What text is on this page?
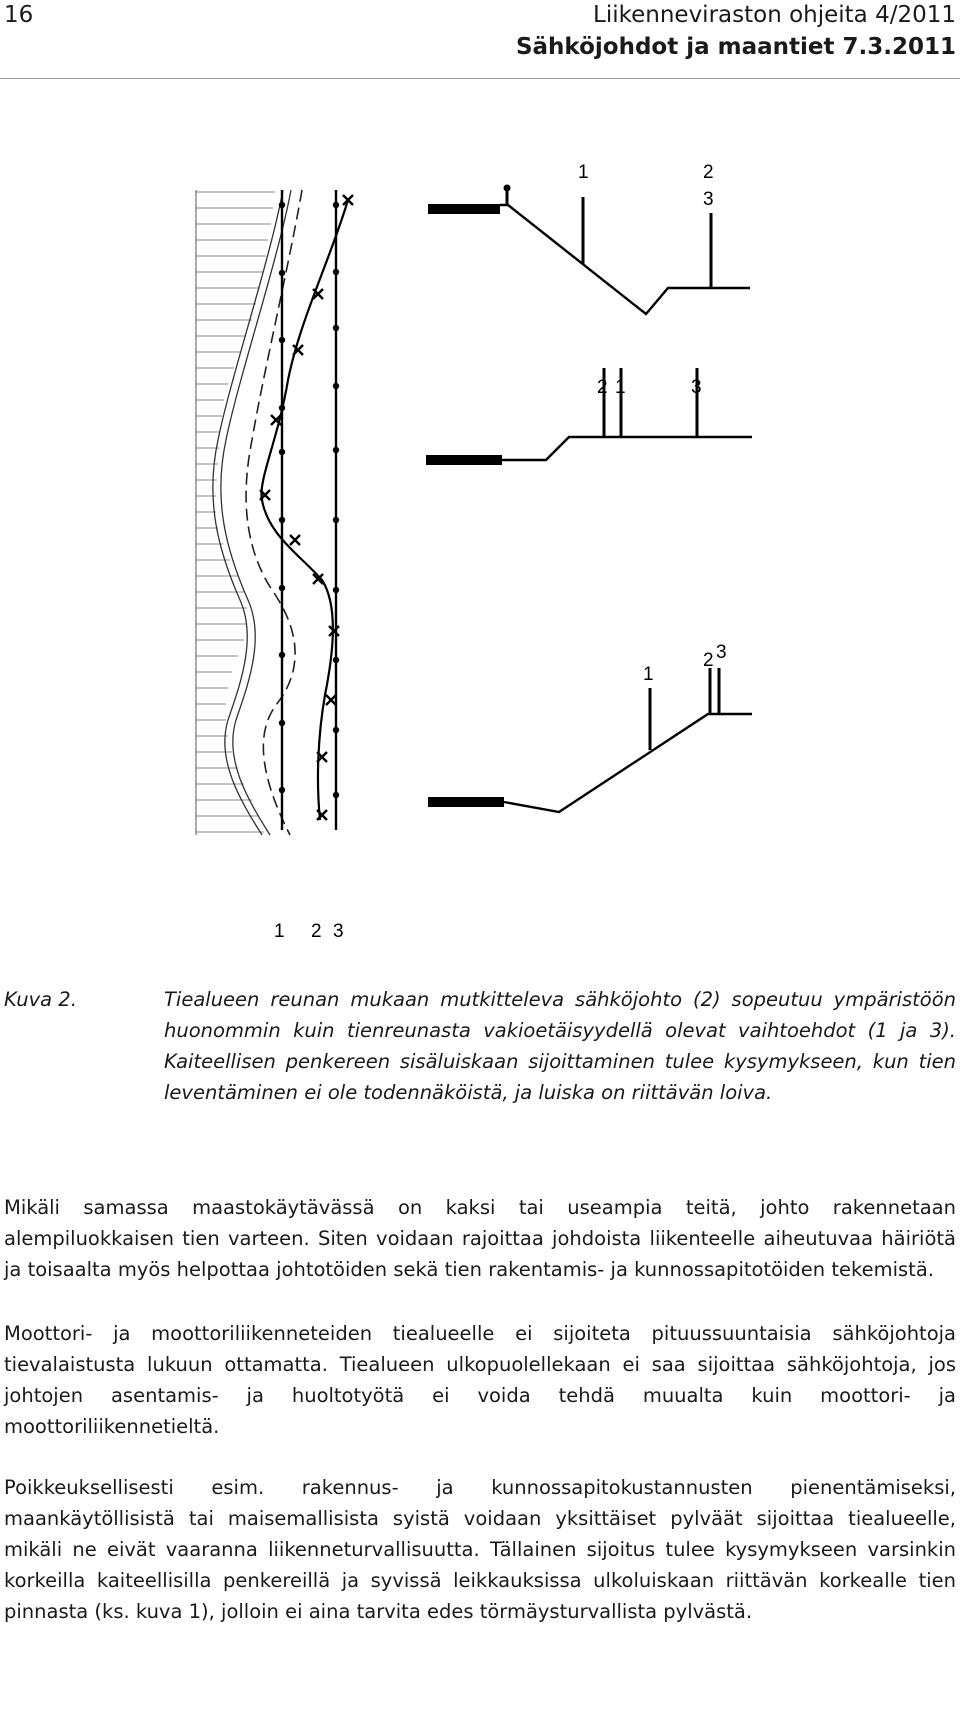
16	Liikenneviraston ohjeita 4/2011
Sähköjohdot ja maantiet 7.3.2011
1 2 3
1	2
3
2 1	3
1
2 3
Kuva 2.	Tiealueen reunan mukaan mutkitteleva sähköjohto (2) sopeutuu ympäristöön huonommin kuin tienreunasta vakioetäisyydellä olevat vaihtoehdot (1 ja 3). Kaiteellisen penkereen sisäluiskaan sijoittaminen tulee kysymykseen, kun tien leventäminen ei ole todennäköistä, ja luiska on riittävän loiva.

Mikäli samassa maastokäytävässä on kaksi tai useampia teitä, johto rakennetaan alempiluokkaisen tien varteen. Siten voidaan rajoittaa johdoista liikenteelle aiheutuvaa häiriötä ja toisaalta myös helpottaa johtotöiden sekä tien rakentamis- ja kunnossapitotöiden tekemistä.

Moottori- ja moottoriliikenneteiden tiealueelle ei sijoiteta pituussuuntaisia sähköjohtoja tievalaistusta lukuun ottamatta. Tiealueen ulkopuolellekaan ei saa sijoittaa sähköjohtoja, jos johtojen asentamis- ja huoltotyötä ei voida tehdä muualta kuin moottori- ja moottoriliikennetieltä.

Poikkeuksellisesti esim. rakennus- ja kunnossapitokustannusten pienentämiseksi, maankäytöllisistä tai maisemallisista syistä voidaan yksittäiset pylväät sijoittaa tiealueelle, mikäli ne eivät vaaranna liikenneturvallisuutta. Tällainen sijoitus tulee kysymykseen varsinkin korkeilla kaiteellisilla penkereillä ja syvissä leikkauksissa ulkoluiskaan riittävän korkealle tien pinnasta (ks. kuva 1), jolloin ei aina tarvita edes törmäysturvallista pylvästä.
